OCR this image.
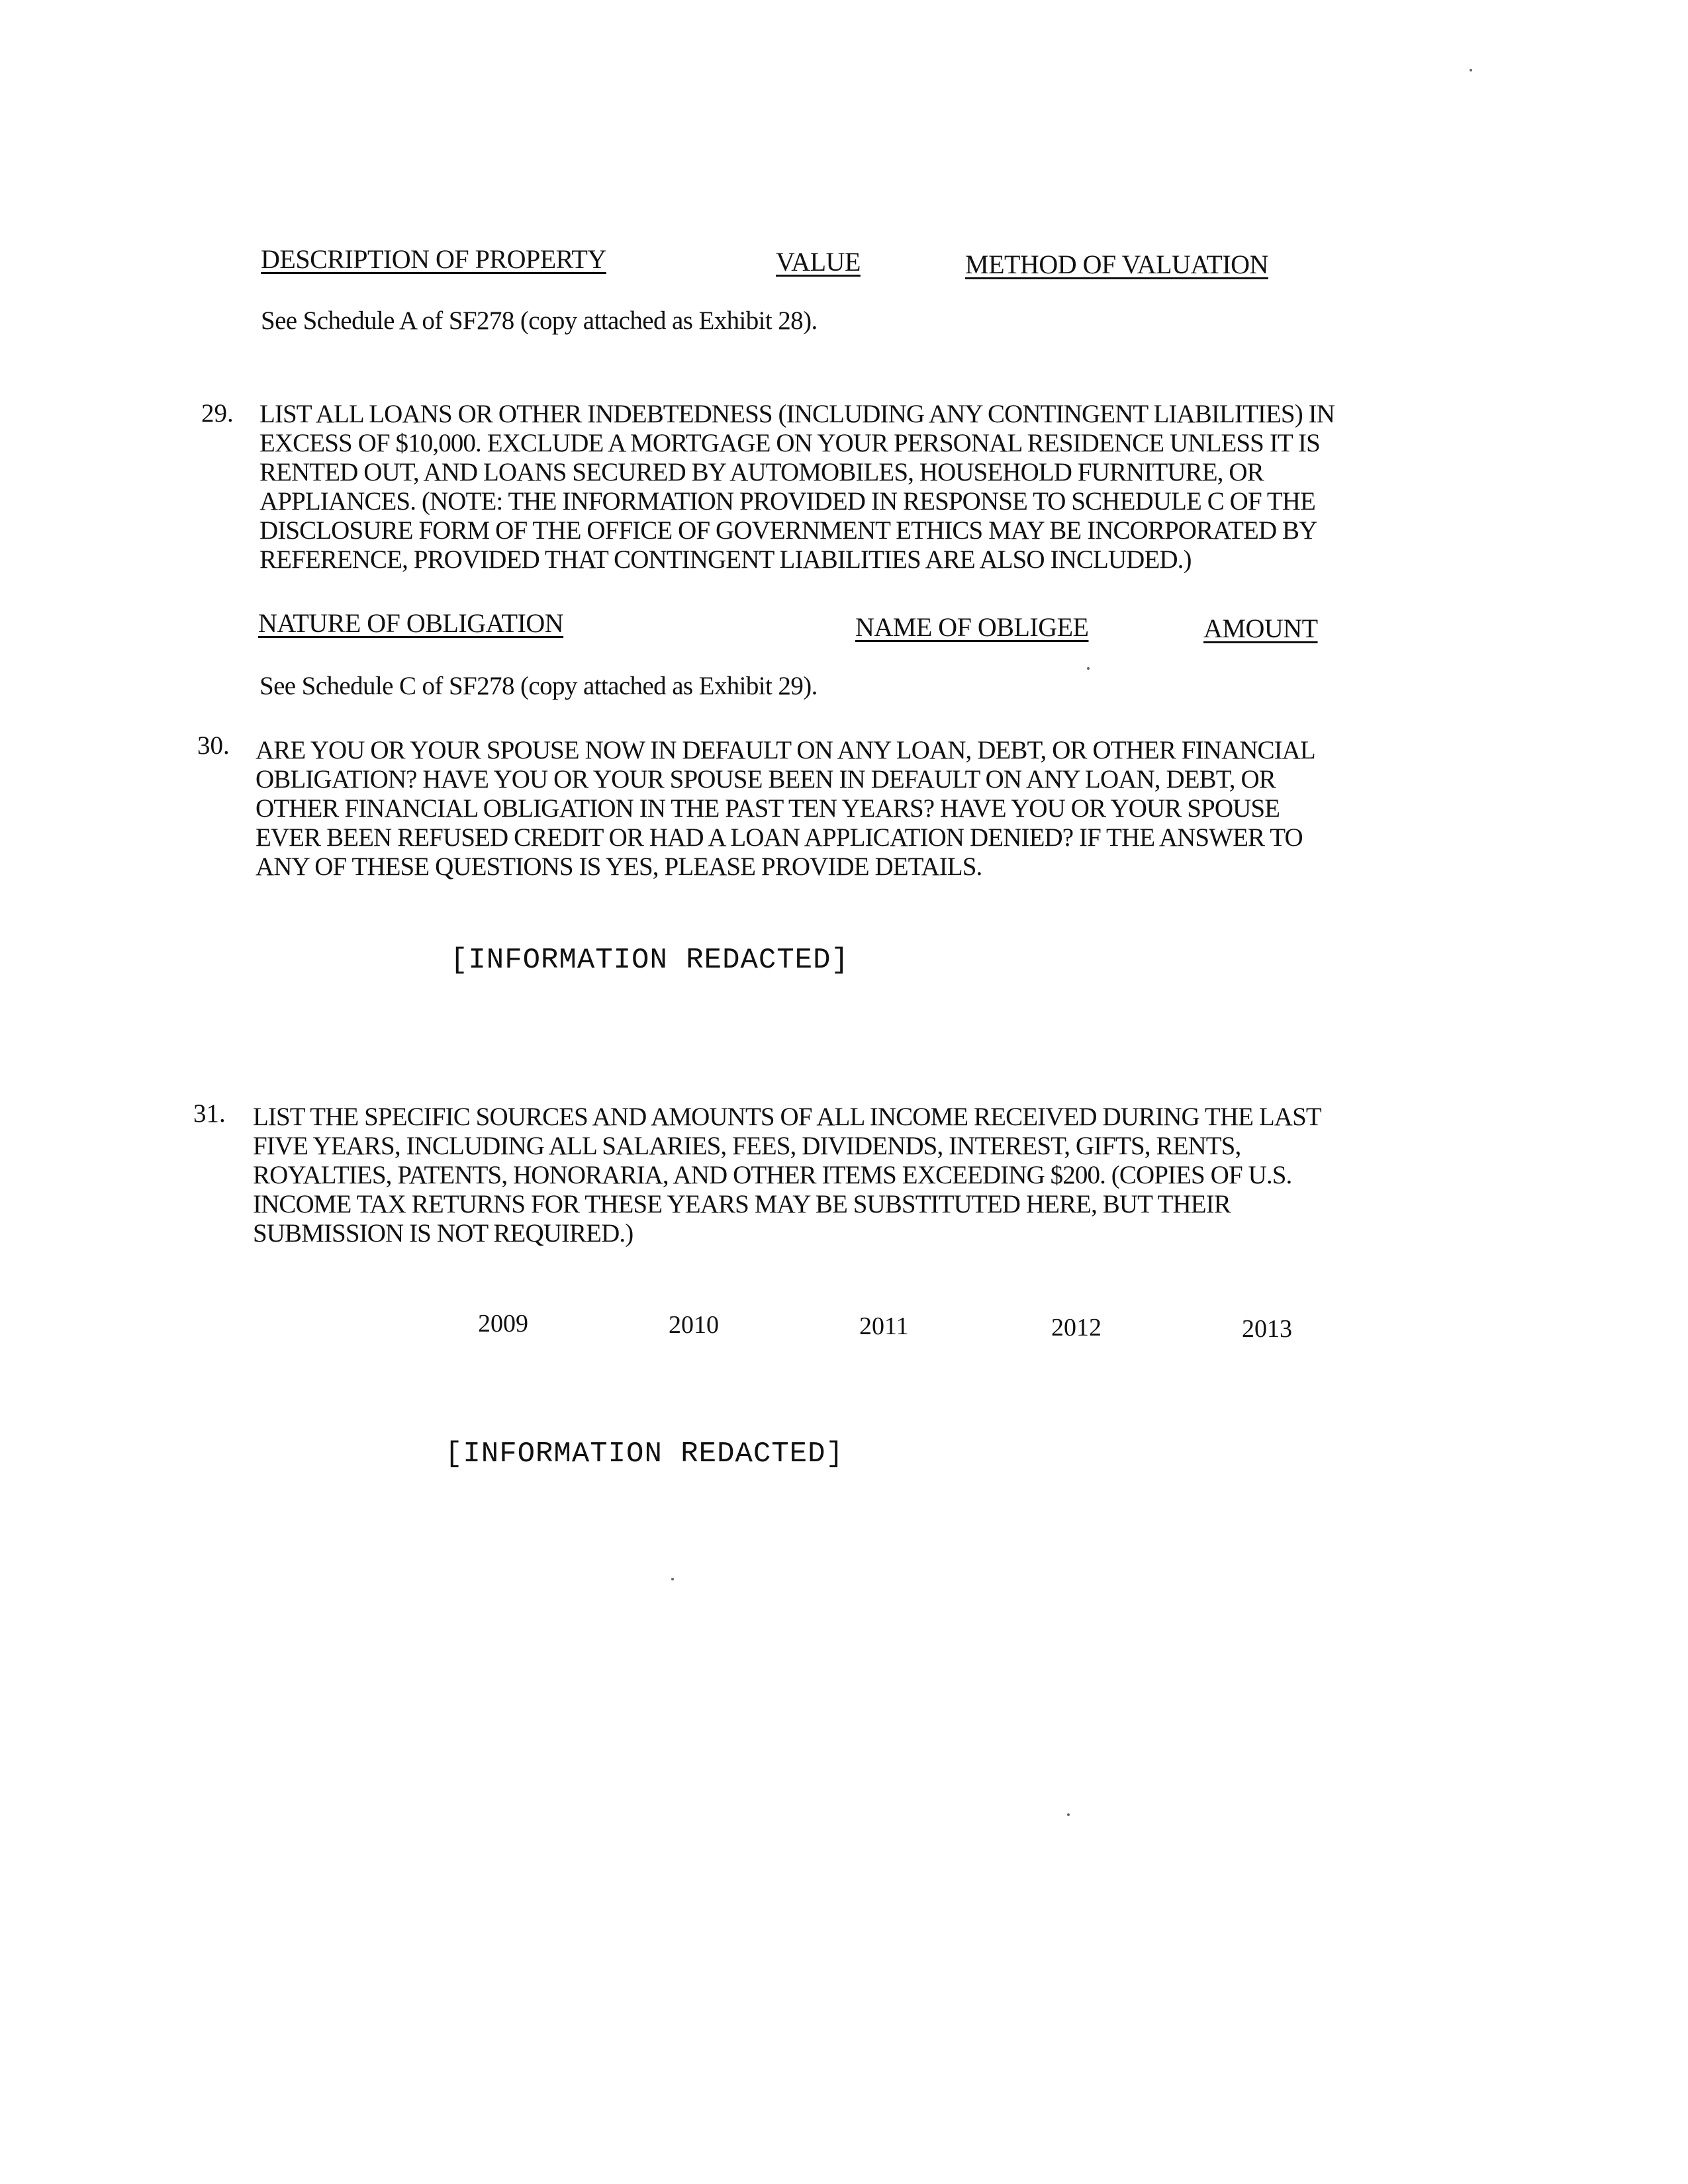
DESCRIPTION OF PROPERTY	VALUE	METHOD OF VALUATION
See Schedule A of SF278 (copy attached as Exhibit 28).
29. LIST ALL LOANS OR OTHER INDEBTEDNESS (INCLUDING ANY CONTINGENT LIABILITIES) IN
EXCESS OF $10,000. EXCLUDE A MORTGAGE ON YOUR PERSONAL RESIDENCE UNLESS IT IS
RENTED OUT, AND LOANS SECURED BY AUTOMOBILES, HOUSEHOLD FURNITURE, OR
APPLIANCES. (NOTE: THE INFORMATION PROVIDED IN RESPONSE TO SCHEDULE C OF THE
DISCLOSURE FORM OF THE OFFICE OF GOVERNMENT ETHICS MAY BE INCORPORATED BY
REFERENCE, PROVIDED THAT CONTINGENT LIABILITIES ARE ALSO INCLUDED.)
NATURE OF OBLIGATION	NAME OF OBLIGEE	AMOUNT
See Schedule C of SF278 (copy attached as Exhibit 29).
30. ARE YOU OR YOUR SPOUSE NOW IN DEFAULT ON ANY LOAN, DEBT, OR OTHER FINANCIAL
OBLIGATION? HAVE YOU OR YOUR SPOUSE BEEN IN DEFAULT ON ANY LOAN, DEBT, OR
OTHER FINANCIAL OBLIGATION IN THE PAST TEN YEARS? HAVE YOU OR YOUR SPOUSE
EVER BEEN REFUSED CREDIT OR HAD A LOAN APPLICATION DENIED? IF THE ANSWER TO
ANY OF THESE QUESTIONS IS YES, PLEASE PROVIDE DETAILS.
[INFORMATION REDACTED]
31. LIST THE SPECIFIC SOURCES AND AMOUNTS OF ALL INCOME RECEIVED DURING THE LAST
FIVE YEARS, INCLUDING ALL SALARIES, FEES, DIVIDENDS, INTEREST, GIFTS, RENTS,
ROYALTIES, PATENTS, HONORARIA, AND OTHER ITEMS EXCEEDING $200. (COPIES OF U.S.
INCOME TAX RETURNS FOR THESE YEARS MAY BE SUBSTITUTED HERE, BUT THEIR
SUBMISSION IS NOT REQUIRED.)
2009	2010	2011	2012	2013
[INFORMATION REDACTED]
